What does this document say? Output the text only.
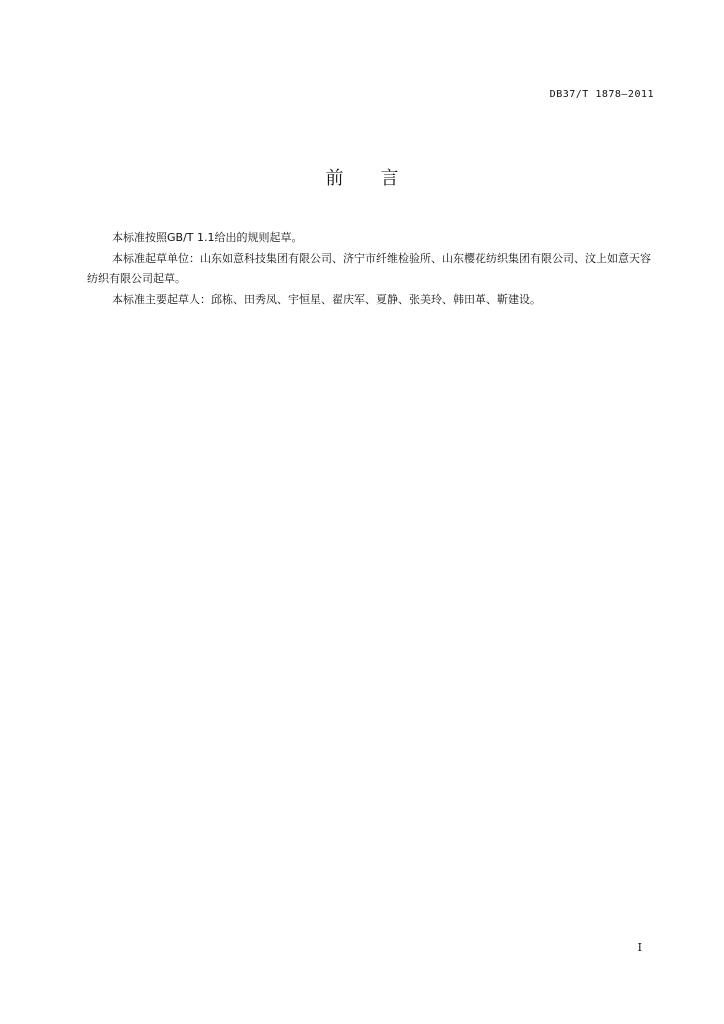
DB37/T 1878—2011
前言

本标准按照GB/T 1.1给出的规则起草。

本标准起草单位：山东如意科技集团有限公司、济宁市纤维检验所、山东樱花纺织集团有限公司、汶上如意天容纺织有限公司起草。

本标准主要起草人：邱栋、田秀凤、宇恒星、翟庆军、夏静、张美玲、韩田革、靳建设。

I
